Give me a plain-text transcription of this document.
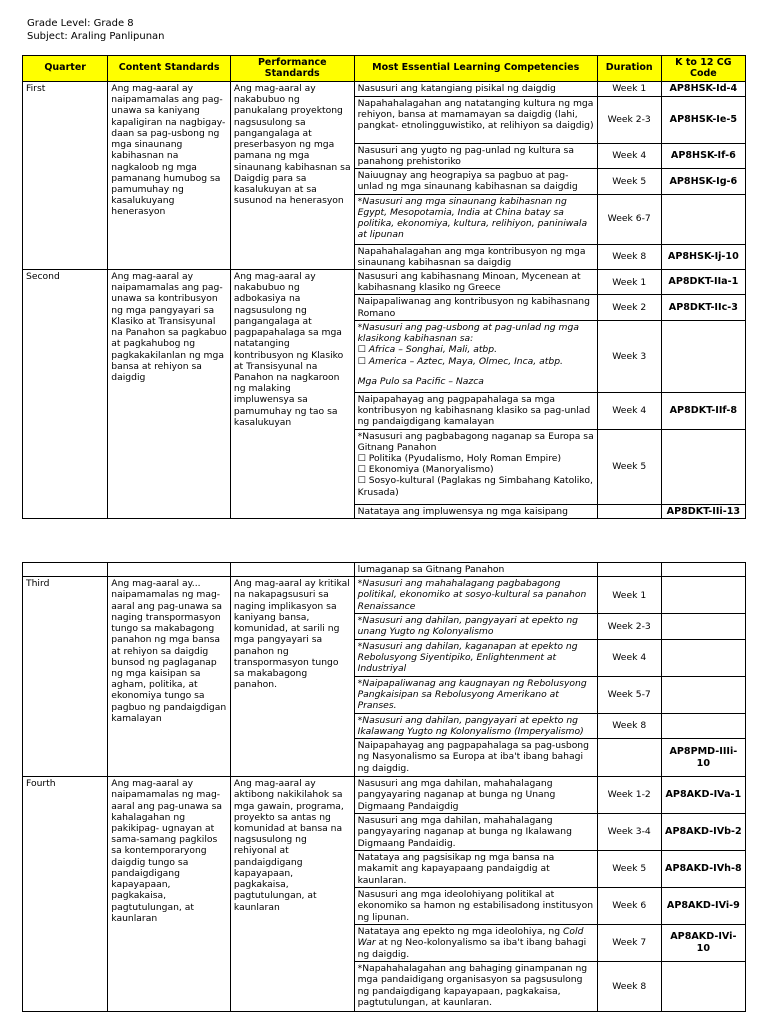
Grade Level: Grade 8
Subject: Araling Panlipunan
Quarter	Content Standards	Performance Standards	Most Essential Learning Competencies	Duration	K to 12 CG Code
First	Ang mag-aaral ay naipamamalas ang pag-unawa sa kaniyang kapaligiran na nagbigay-daan sa pag-usbong ng mga sinaunang kabihasnan na nagkaloob ng mga pamanang humubog sa pamumuhay ng kasalukuyang henerasyon	Ang mag-aaral ay nakabubuo ng panukalang proyektong nagsusulong sa pangangalaga at preserbasyon ng mga pamana ng mga sinaunang kabihasnan sa Daigdig para sa kasalukuyan at sa susunod na henerasyon	Nasusuri ang katangiang pisikal ng daigdig	Week 1	AP8HSK-Id-4
			Napahahalagahan ang natatanging kultura ng mga rehiyon, bansa at mamamayan sa daigdig (lahi, pangkat- etnolingguwistiko, at relihiyon sa daigdig)	Week 2-3	AP8HSK-Ie-5
			Nasusuri ang yugto ng pag-unlad ng kultura sa panahong prehistoriko	Week 4	AP8HSK-If-6
			Naiuugnay ang heograpiya sa pagbuo at pag-unlad ng mga sinaunang kabihasnan sa daigdig	Week 5	AP8HSK-Ig-6
			*Nasusuri ang mga sinaunang kabihasnan ng Egypt, Mesopotamia, India at China batay sa politika, ekonomiya, kultura, relihiyon, paniniwala at lipunan	Week 6-7	
			Napahahalagahan ang mga kontribusyon ng mga sinaunang kabihasnan sa daigdig	Week 8	AP8HSK-Ij-10
Second	Ang mag-aaral ay naipamamalas ang pag- unawa sa kontribusyon ng mga pangyayari sa Klasiko at Transisyunal na Panahon sa pagkabuo at pagkahubog ng pagkakakilanlan ng mga bansa at rehiyon sa daigdig	Ang mag-aaral ay nakabubuo ng adbokasiya na nagsusulong ng pangangalaga at pagpapahalaga sa mga natatanging kontribusyon ng Klasiko at Transisyunal na Panahon na nagkaroon ng malaking impluwensya sa pamumuhay ng tao sa kasalukuyan	Nasusuri ang kabihasnang Minoan, Mycenean at kabihasnang klasiko ng Greece	Week 1	AP8DKT-IIa-1
			Naipapaliwanag ang kontribusyon ng kabihasnang Romano	Week 2	AP8DKT-IIc-3

			*Nasusuri ang pag-usbong at pag-unlad ng mga klasikong kabihasnan sa:
☐ Africa – Songhai, Mali, atbp.
☐ America – Aztec, Maya, Olmec, Inca, atbp.
Mga Pulo sa Pacific – Nazca	Week 3	
			Naipapahayag ang pagpapahalaga sa mga kontribusyon ng kabihasnang klasiko sa pag-unlad ng pandaigdigang kamalayan	Week 4	AP8DKT-IIf-8

			*Nasusuri ang pagbabagong naganap sa Europa sa Gitnang Panahon
☐ Politika (Pyudalismo, Holy Roman Empire)
☐ Ekonomiya (Manoryalismo)
☐ Sosyo-kultural (Paglakas ng Simbahang Katoliko, Krusada)	Week 5	
			Natataya ang impluwensya ng mga kaisipang		AP8DKT-IIi-13
			lumaganap sa Gitnang Panahon		
Third	Ang mag-aaral ay... naipamamalas ng mag-aaral ang pag-unawa sa naging transpormasyon tungo sa makabagong panahon ng mga bansa at rehiyon sa daigdig bunsod ng paglaganap ng mga kaisipan sa agham, politika, at ekonomiya tungo sa pagbuo ng pandaigdigan kamalayan	Ang mag-aaral ay kritikal na nakapagsusuri sa naging implikasyon sa kaniyang bansa, komunidad, at sarili ng mga pangyayari sa panahon ng transpormasyon tungo sa makabagong panahon.	*Nasusuri ang mahahalagang pagbabagong politikal, ekonomiko at sosyo-kultural sa panahon Renaissance	Week 1	
			*Nasusuri ang dahilan, pangyayari at epekto ng unang Yugto ng Kolonyalismo	Week 2-3	
			*Nasusuri ang dahilan, kaganapan at epekto ng Rebolusyong Siyentipiko, Enlightenment at Industriyal	Week 4	
			*Naipapaliwanag ang kaugnayan ng Rebolusyong Pangkaisipan sa Rebolusyong Amerikano at Pranses.	Week 5-7	
			*Nasusuri ang dahilan, pangyayari at epekto ng Ikalawang Yugto ng Kolonyalismo (Imperyalismo)	Week 8	
			Naipapahayag ang pagpapahalaga sa pag-usbong ng Nasyonalismo sa Europa at iba't ibang bahagi ng daigdig.		AP8PMD-IIIi-10
Fourth	Ang mag-aaral ay naipamamalas ng mag-aaral ang pag-unawa sa kahalagahan ng pakikipag- ugnayan at sama-samang pagkilos sa kontemporaryong daigdig tungo sa pandaigdigang kapayapaan, pagkakaisa, pagtutulungan, at kaunlaran	Ang mag-aaral ay aktibong nakikilahok sa mga gawain, programa, proyekto sa antas ng komunidad at bansa na nagsusulong ng rehiyonal at pandaigdigang kapayapaan, pagkakaisa, pagtutulungan, at kaunlaran	Nasusuri ang mga dahilan, mahahalagang pangyayaring naganap at bunga ng Unang Digmaang Pandaigdig	Week 1-2	AP8AKD-IVa-1
			Nasusuri ang mga dahilan, mahahalagang pangyayaring naganap at bunga ng Ikalawang Digmaang Pandaidig.	Week 3-4	AP8AKD-IVb-2
			Natataya ang pagsisikap ng mga bansa na makamit ang kapayapaang pandaigdig at kaunlaran.	Week 5	AP8AKD-IVh-8
			Nasusuri ang mga ideolohiyang politikal at ekonomiko sa hamon ng estabilisadong institusyon ng lipunan.	Week 6	AP8AKD-IVi-9
			Natataya ang epekto ng mga ideolohiya, ng Cold War at ng Neo-kolonyalismo sa iba't ibang bahagi ng daigdig.	Week 7	AP8AKD-IVi-10
			*Napahahalagahan ang bahaging ginampanan ng mga pandaidigang organisasyon sa pagsusulong ng pandaigdigang kapayapaan, pagkakaisa, pagtutulungan, at kaunlaran.	Week 8	
